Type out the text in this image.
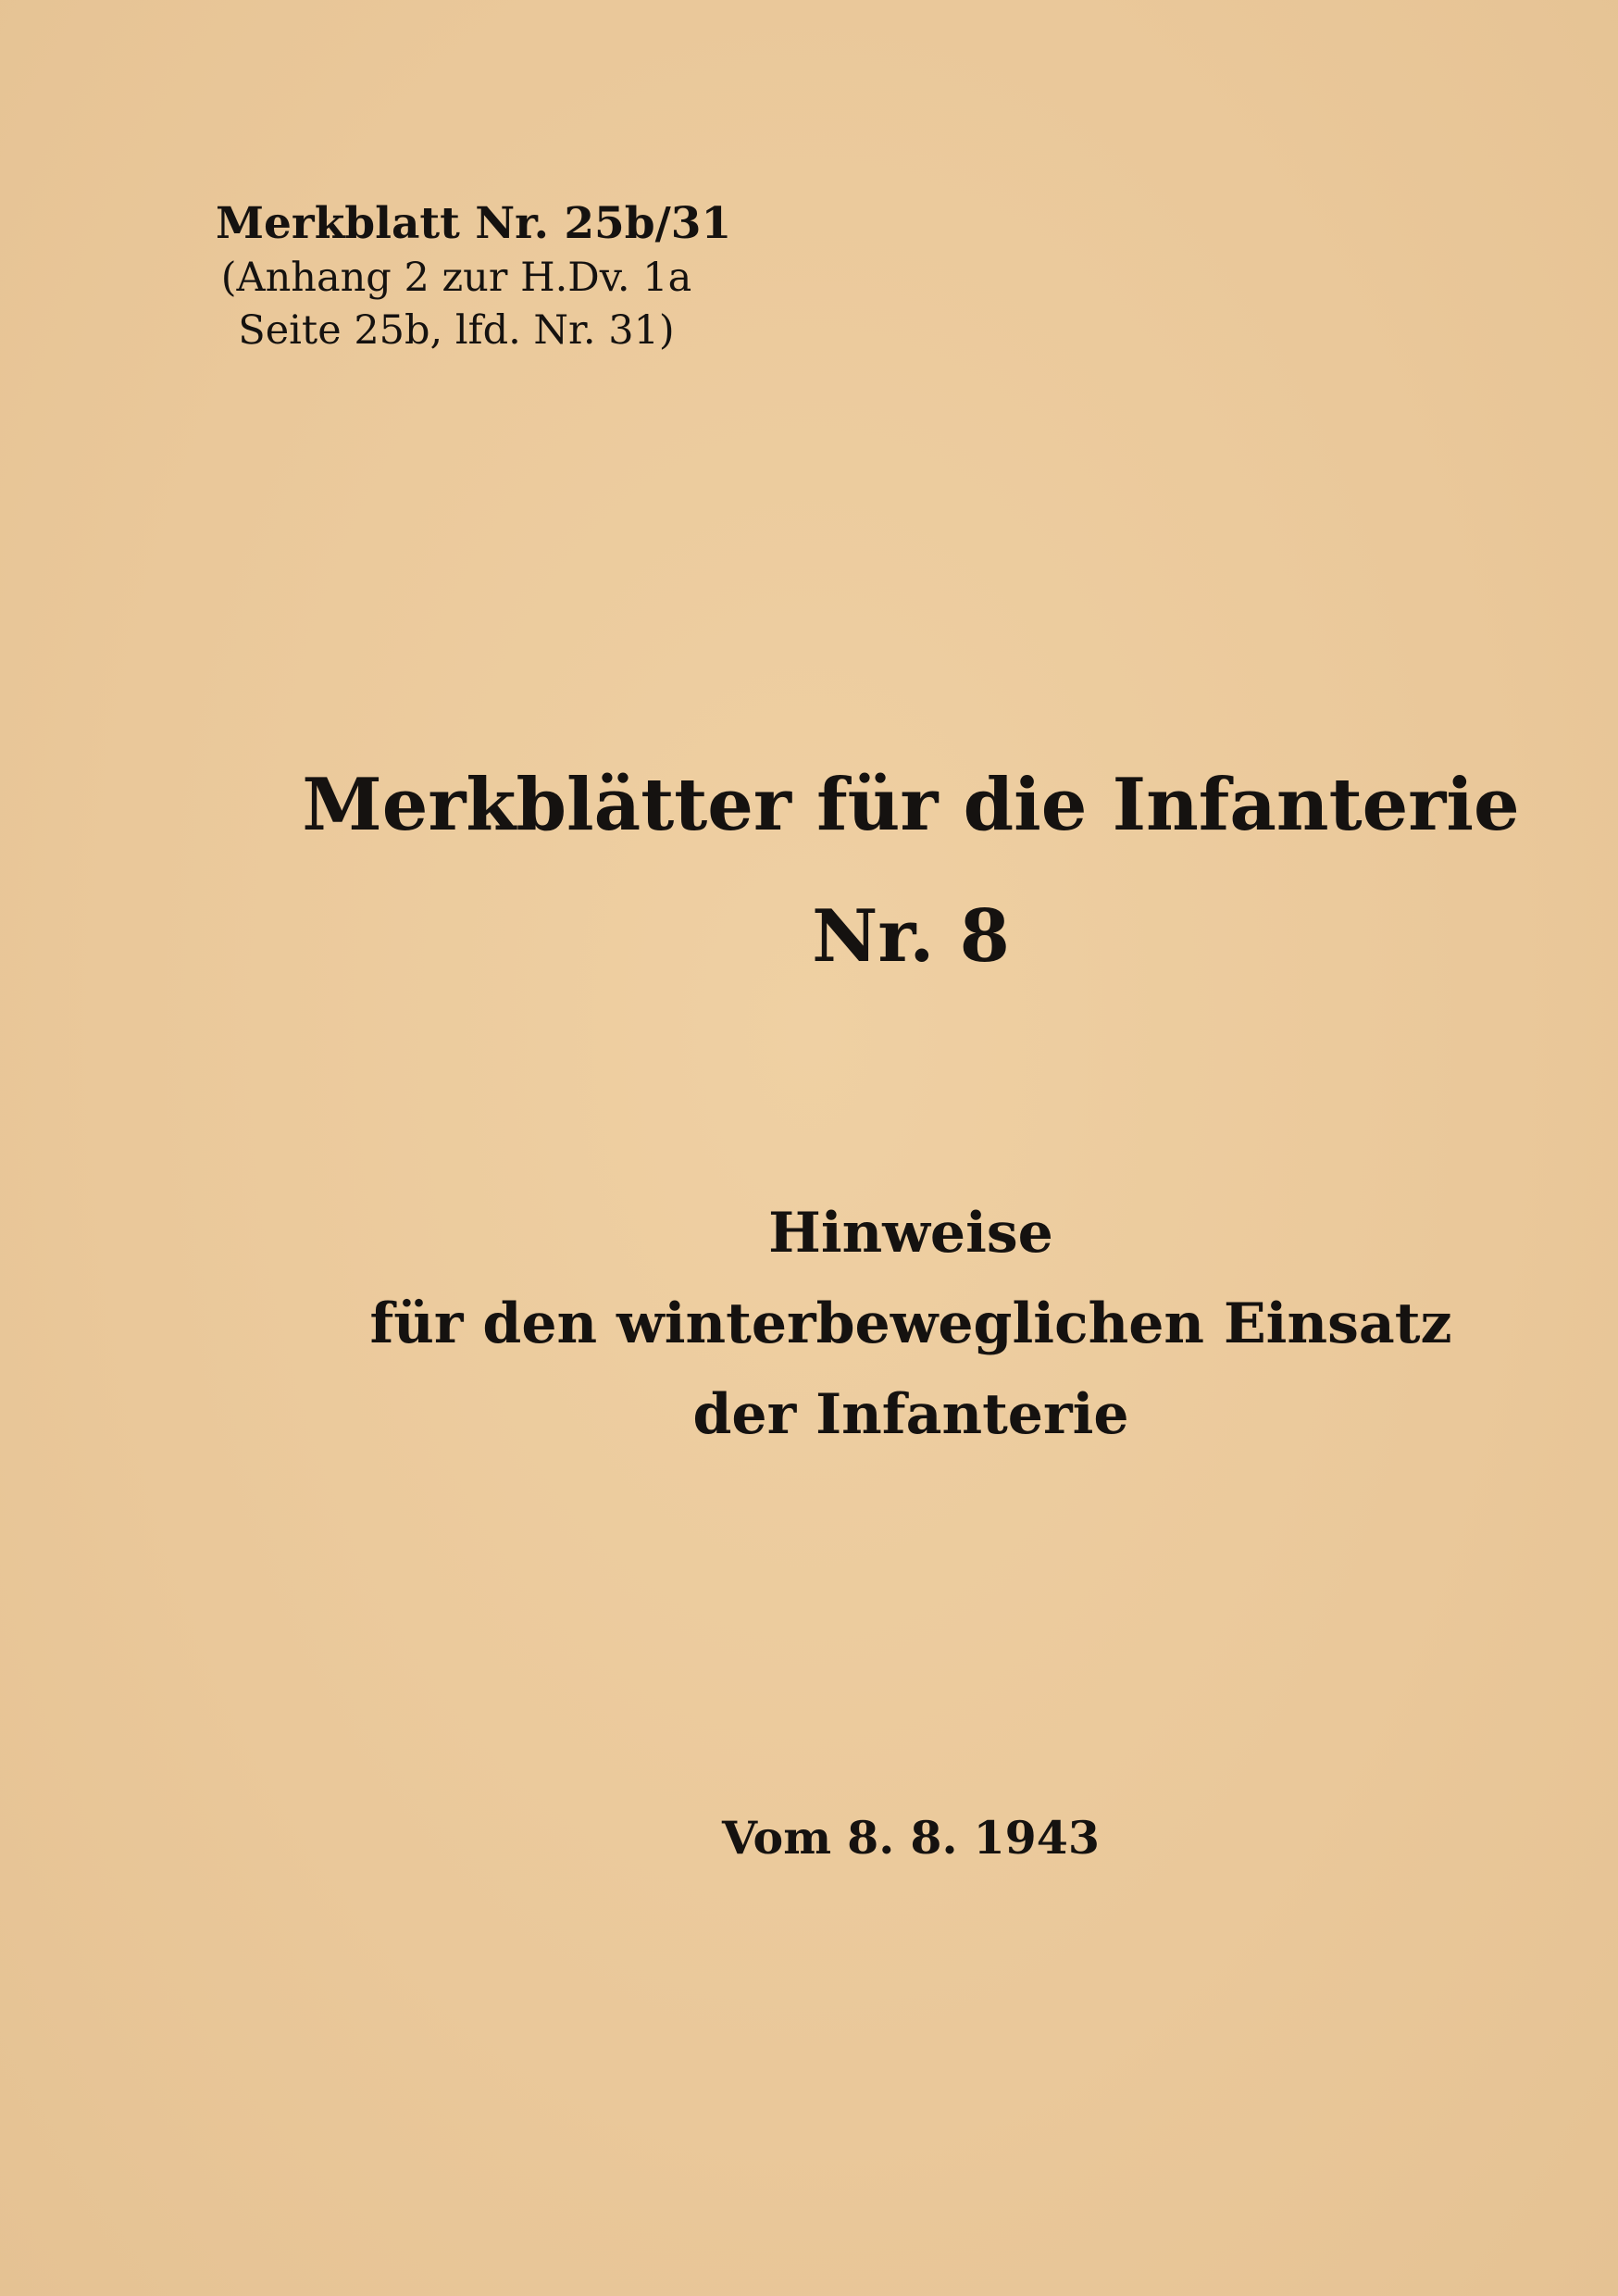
Merkblatt Nr. 25b/31
(Anhang 2 zur H.Dv. 1a
Seite 25b, lfd. Nr. 31)
Merkblätter für die Infanterie
Nr. 8
Hinweise
für den winterbeweglichen Einsatz
der Infanterie
Vom 8. 8. 1943
